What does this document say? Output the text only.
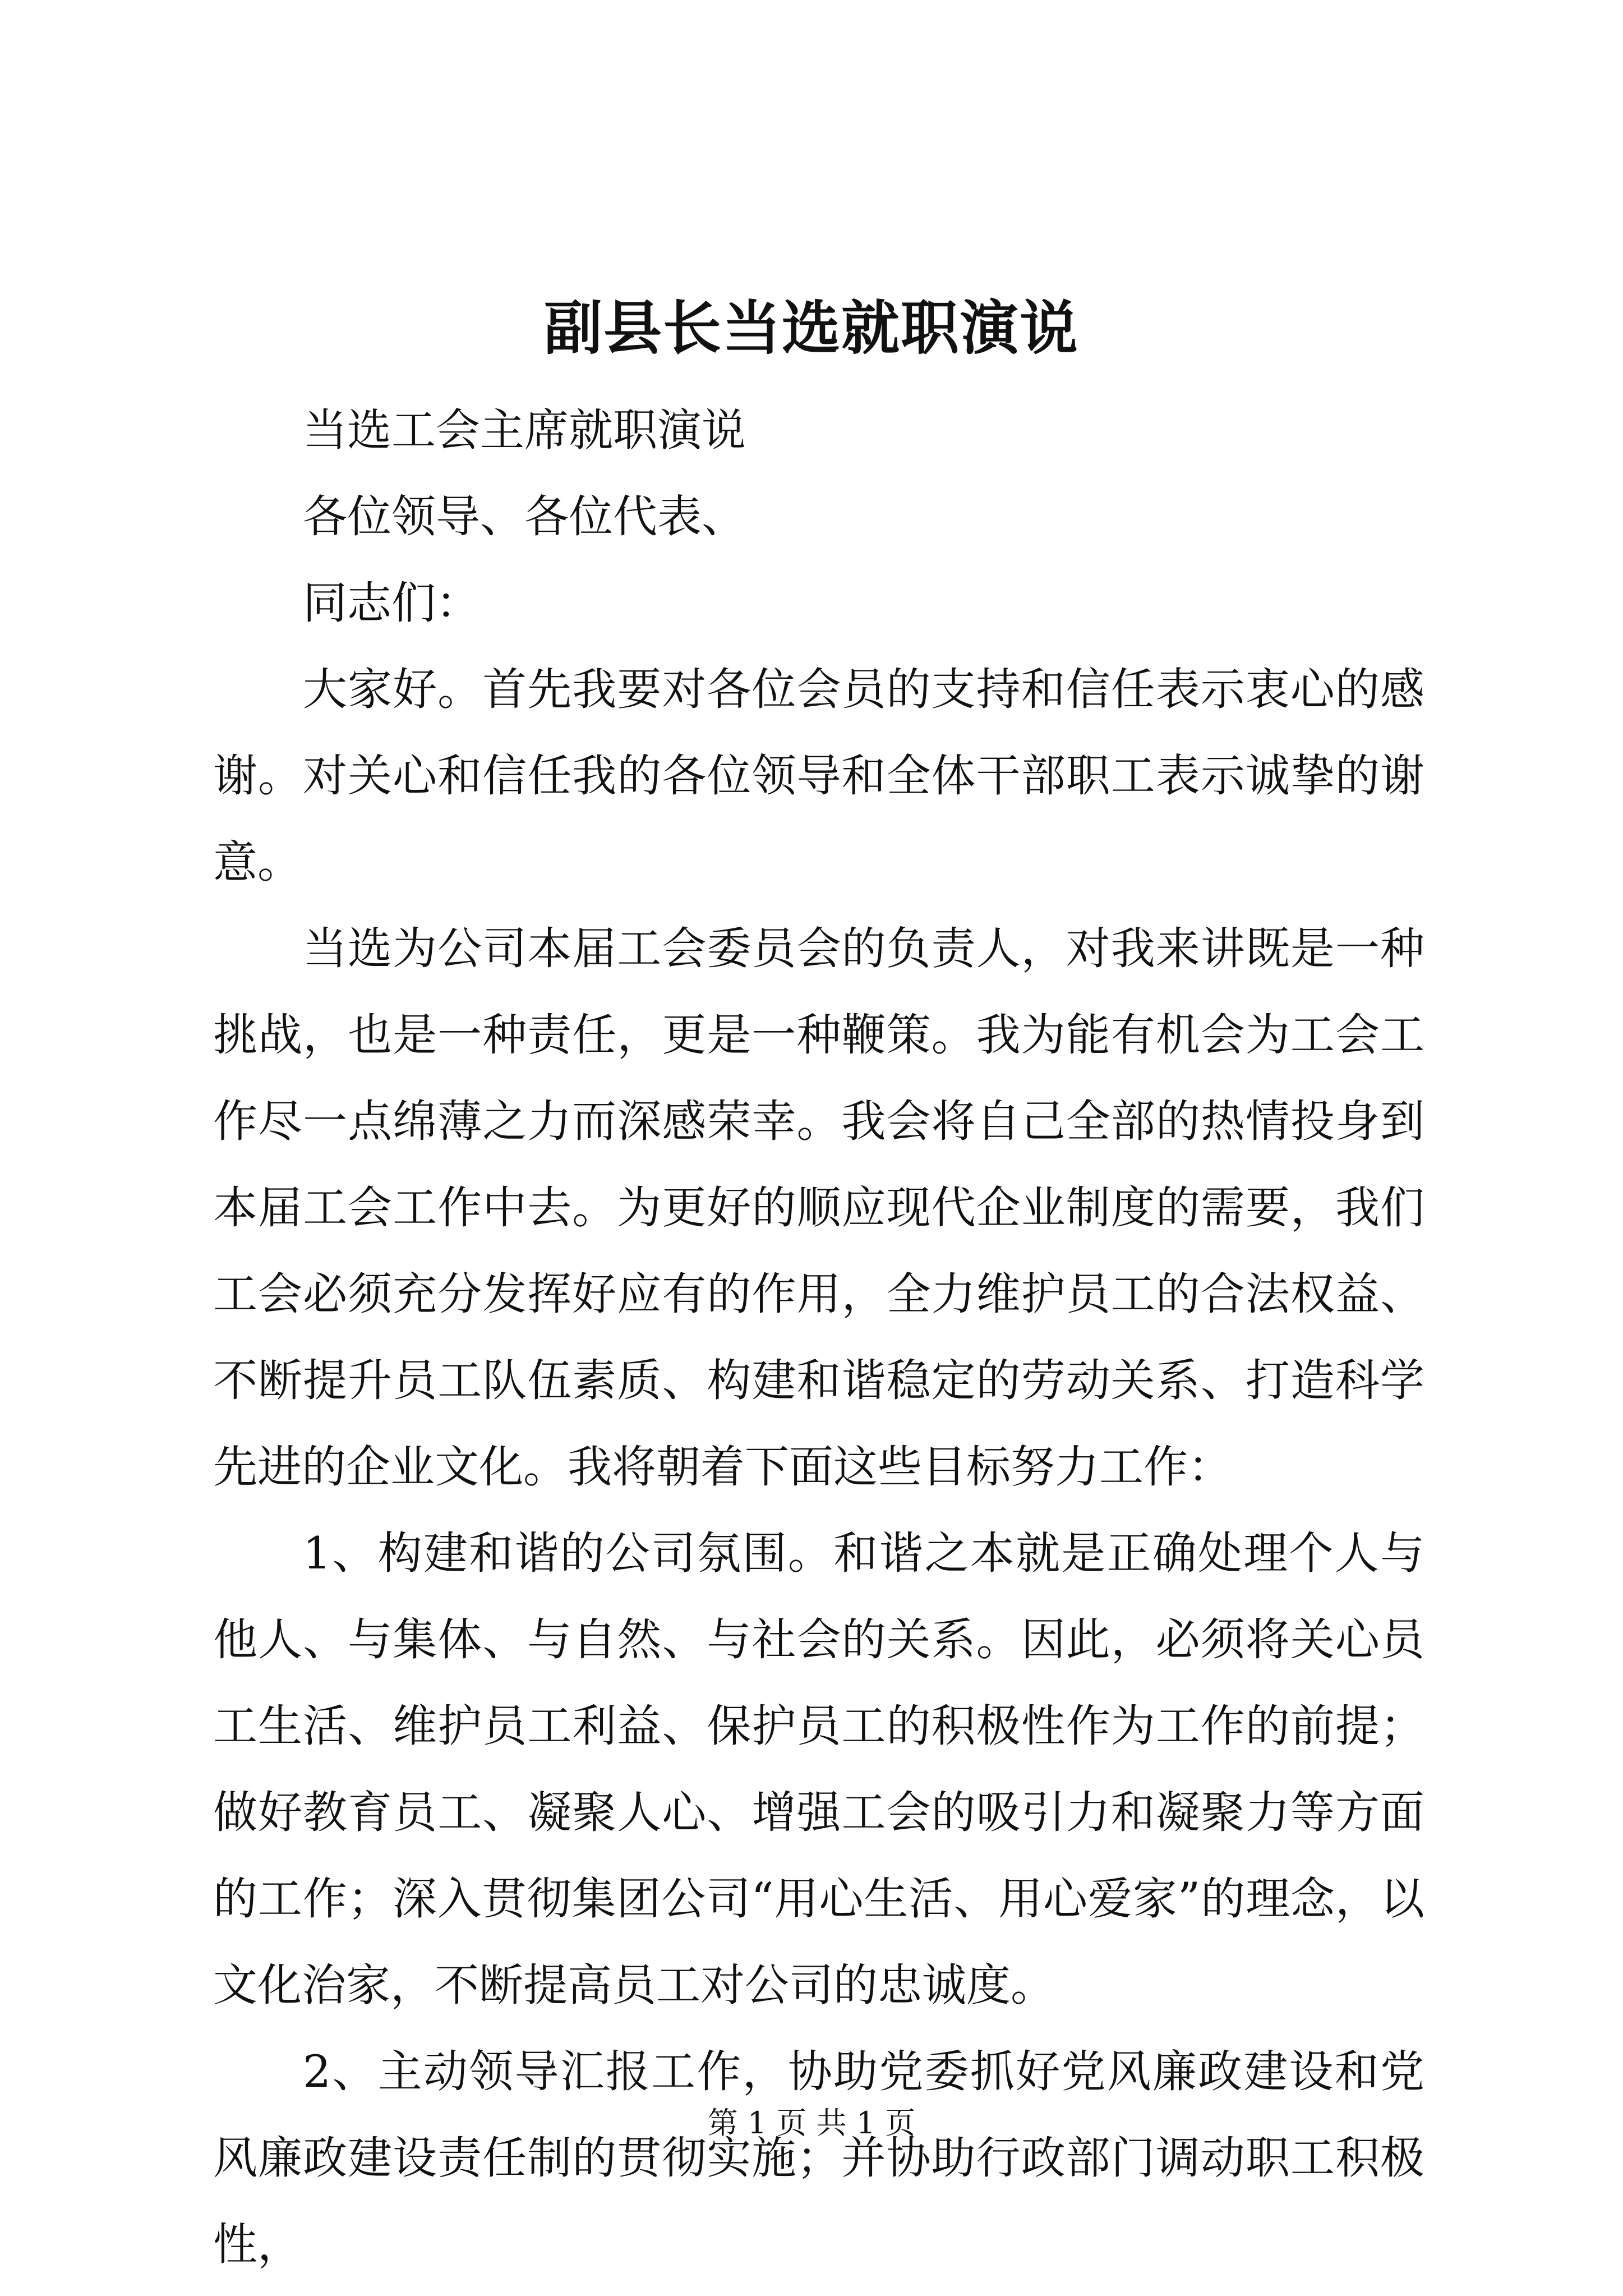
副县长当选就职演说

当选工会主席就职演说

各位领导、各位代表、

同志们：

大家好。首先我要对各位会员的支持和信任表示衷心的感谢。对关心和信任我的各位领导和全体干部职工表示诚挚的谢意。

当选为公司本届工会委员会的负责人，对我来讲既是一种挑战，也是一种责任，更是一种鞭策。我为能有机会为工会工作尽一点绵薄之力而深感荣幸。我会将自己全部的热情投身到本届工会工作中去。为更好的顺应现代企业制度的需要，我们工会必须充分发挥好应有的作用，全力维护员工的合法权益、不断提升员工队伍素质、构建和谐稳定的劳动关系、打造科学先进的企业文化。我将朝着下面这些目标努力工作：

1、构建和谐的公司氛围。和谐之本就是正确处理个人与他人、与集体、与自然、与社会的关系。因此，必须将关心员工生活、维护员工利益、保护员工的积极性作为工作的前提；做好教育员工、凝聚人心、增强工会的吸引力和凝聚力等方面的工作；深入贯彻集团公司“用心生活、用心爱家”的理念，以文化治家，不断提高员工对公司的忠诚度。

2、主动领导汇报工作，协助党委抓好党风廉政建设和党风廉政建设责任制的贯彻实施；并协助行政部门调动职工积极性，

第 1 页 共 1 页
